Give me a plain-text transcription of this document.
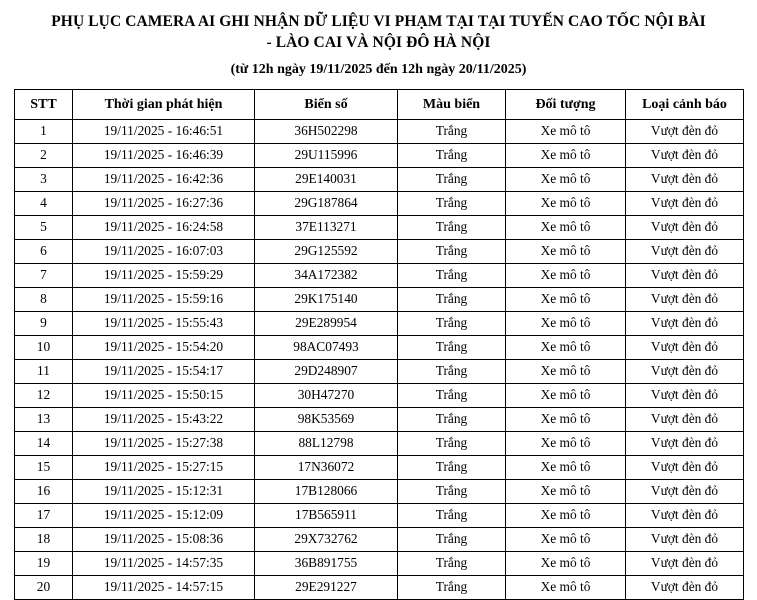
PHỤ LỤC CAMERA AI GHI NHẬN DỮ LIỆU VI PHẠM TẠI TẠI TUYẾN CAO TỐC NỘI BÀI
- LÀO CAI VÀ NỘI ĐÔ HÀ NỘI
(từ 12h ngày 19/11/2025 đến 12h ngày 20/11/2025)
STT	Thời gian phát hiện	Biển số	Màu biển	Đối tượng	Loại cảnh báo
1	19/11/2025 - 16:46:51	36H502298	Trắng	Xe mô tô	Vượt đèn đỏ
2	19/11/2025 - 16:46:39	29U115996	Trắng	Xe mô tô	Vượt đèn đỏ
3	19/11/2025 - 16:42:36	29E140031	Trắng	Xe mô tô	Vượt đèn đỏ
4	19/11/2025 - 16:27:36	29G187864	Trắng	Xe mô tô	Vượt đèn đỏ
5	19/11/2025 - 16:24:58	37E113271	Trắng	Xe mô tô	Vượt đèn đỏ
6	19/11/2025 - 16:07:03	29G125592	Trắng	Xe mô tô	Vượt đèn đỏ
7	19/11/2025 - 15:59:29	34A172382	Trắng	Xe mô tô	Vượt đèn đỏ
8	19/11/2025 - 15:59:16	29K175140	Trắng	Xe mô tô	Vượt đèn đỏ
9	19/11/2025 - 15:55:43	29E289954	Trắng	Xe mô tô	Vượt đèn đỏ
10	19/11/2025 - 15:54:20	98AC07493	Trắng	Xe mô tô	Vượt đèn đỏ
11	19/11/2025 - 15:54:17	29D248907	Trắng	Xe mô tô	Vượt đèn đỏ
12	19/11/2025 - 15:50:15	30H47270	Trắng	Xe mô tô	Vượt đèn đỏ
13	19/11/2025 - 15:43:22	98K53569	Trắng	Xe mô tô	Vượt đèn đỏ
14	19/11/2025 - 15:27:38	88L12798	Trắng	Xe mô tô	Vượt đèn đỏ
15	19/11/2025 - 15:27:15	17N36072	Trắng	Xe mô tô	Vượt đèn đỏ
16	19/11/2025 - 15:12:31	17B128066	Trắng	Xe mô tô	Vượt đèn đỏ
17	19/11/2025 - 15:12:09	17B565911	Trắng	Xe mô tô	Vượt đèn đỏ
18	19/11/2025 - 15:08:36	29X732762	Trắng	Xe mô tô	Vượt đèn đỏ
19	19/11/2025 - 14:57:35	36B891755	Trắng	Xe mô tô	Vượt đèn đỏ
20	19/11/2025 - 14:57:15	29E291227	Trắng	Xe mô tô	Vượt đèn đỏ
